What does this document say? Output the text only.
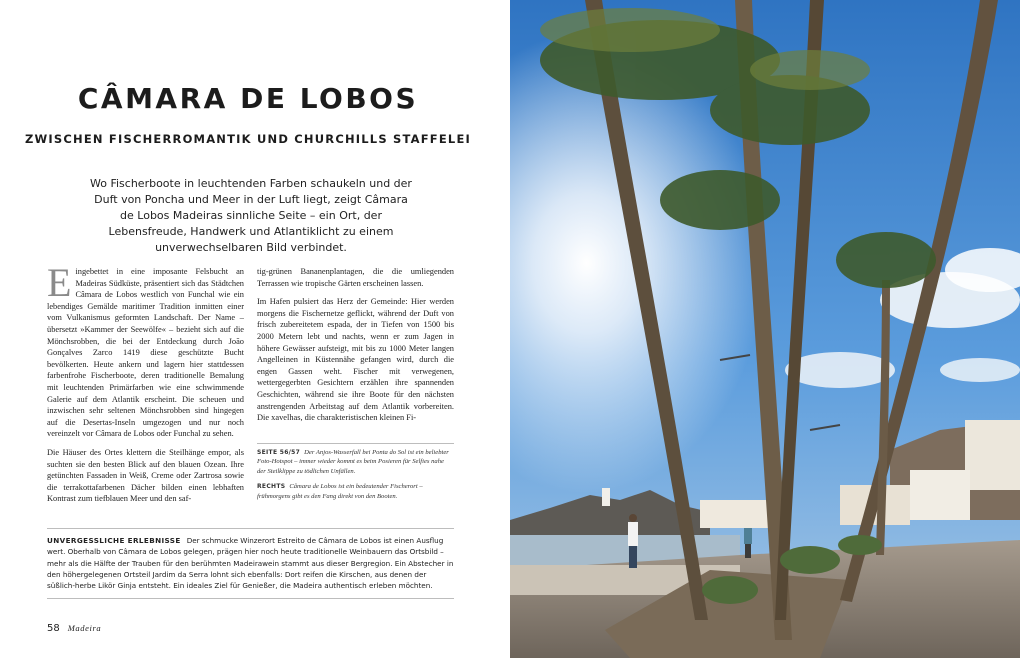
CÂMARA DE LOBOS
ZWISCHEN FISCHERROMANTIK UND CHURCHILLS STAFFELEI

Wo Fischerboote in leuchtenden Farben schaukeln und der Duft von Poncha und Meer in der Luft liegt, zeigt Câmara de Lobos Madeiras sinnliche Seite – ein Ort, der Lebensfreude, Handwerk und Atlantiklicht zu einem unverwechselbaren Bild verbindet.

Eingebettet in eine imposante Felsbucht an Madeiras Südküste, präsentiert sich das Städtchen Câmara de Lobos westlich von Funchal wie ein lebendiges Gemälde maritimer Tradition inmitten einer vom Vulkanismus geformten Landschaft. Der Name – übersetzt »Kammer der Seewölfe« – bezieht sich auf die Mönchsrobben, die bei der Entdeckung durch João Gonçalves Zarco 1419 diese geschützte Bucht bevölkerten. Heute ankern und lagern hier stattdessen farbenfrohe Fischerboote, deren traditionelle Bemalung mit leuchtenden Primärfarben wie eine schwimmende Galerie auf dem Atlantik erscheint. Die scheuen und inzwischen sehr seltenen Mönchsrobben sind hingegen auf die Desertas-Inseln umgezogen und nur noch vereinzelt vor Câmara de Lobos oder Funchal zu sehen.

Die Häuser des Ortes klettern die Steilhänge empor, als suchten sie den besten Blick auf den blauen Ozean. Ihre getünchten Fassaden in Weiß, Creme oder Zartrosa sowie die terrakottafarbenen Dächer bilden einen lebhaften Kontrast zum tiefblauen Meer und den saf-

tig-grünen Bananenplantagen, die die umliegenden Terrassen wie tropische Gärten erscheinen lassen.

Im Hafen pulsiert das Herz der Gemeinde: Hier werden morgens die Fischernetze geflickt, während der Duft von frisch zubereitetem espada, der in Tiefen von 1500 bis 2000 Metern lebt und nachts, wenn er zum Jagen in höhere Gewässer aufsteigt, mit bis zu 1000 Meter langen Angelleinen in Küstennähe gefangen wird, durch die engen Gassen weht. Fischer mit verwegenen, wettergegerbten Gesichtern erzählen ihre spannenden Geschichten, während sie ihre Boote für den nächsten anstrengenden Arbeitstag auf dem Atlantik vorbereiten. Die xavelhas, die charakteristischen kleinen Fi-

SEITE 56/57 Der Anjos-Wasserfall bei Ponta do Sol ist ein beliebter Foto-Hotspot – immer wieder kommt es beim Posieren für Selfies nahe der Steilklippe zu tödlichen Unfällen.

RECHTS Câmara de Lobos ist ein bedeutender Fischerort – frühmorgens gibt es den Fang direkt von den Booten.

UNVERGESSLICHE ERLEBNISSE Der schmucke Winzerort Estreito de Câmara de Lobos ist einen Ausflug wert. Oberhalb von Câmara de Lobos gelegen, prägen hier noch heute traditionelle Weinbauern das Ortsbild – mehr als die Hälfte der Trauben für den berühmten Madeirawein stammt aus dieser Bergregion. Ein Abstecher in den höhergelegenen Ortsteil Jardim da Serra lohnt sich ebenfalls: Dort reifen die Kirschen, aus denen der süßlich-herbe Likör Ginja entsteht. Ein ideales Ziel für Genießer, die Madeira authentisch erleben möchten.
58 Madeira
